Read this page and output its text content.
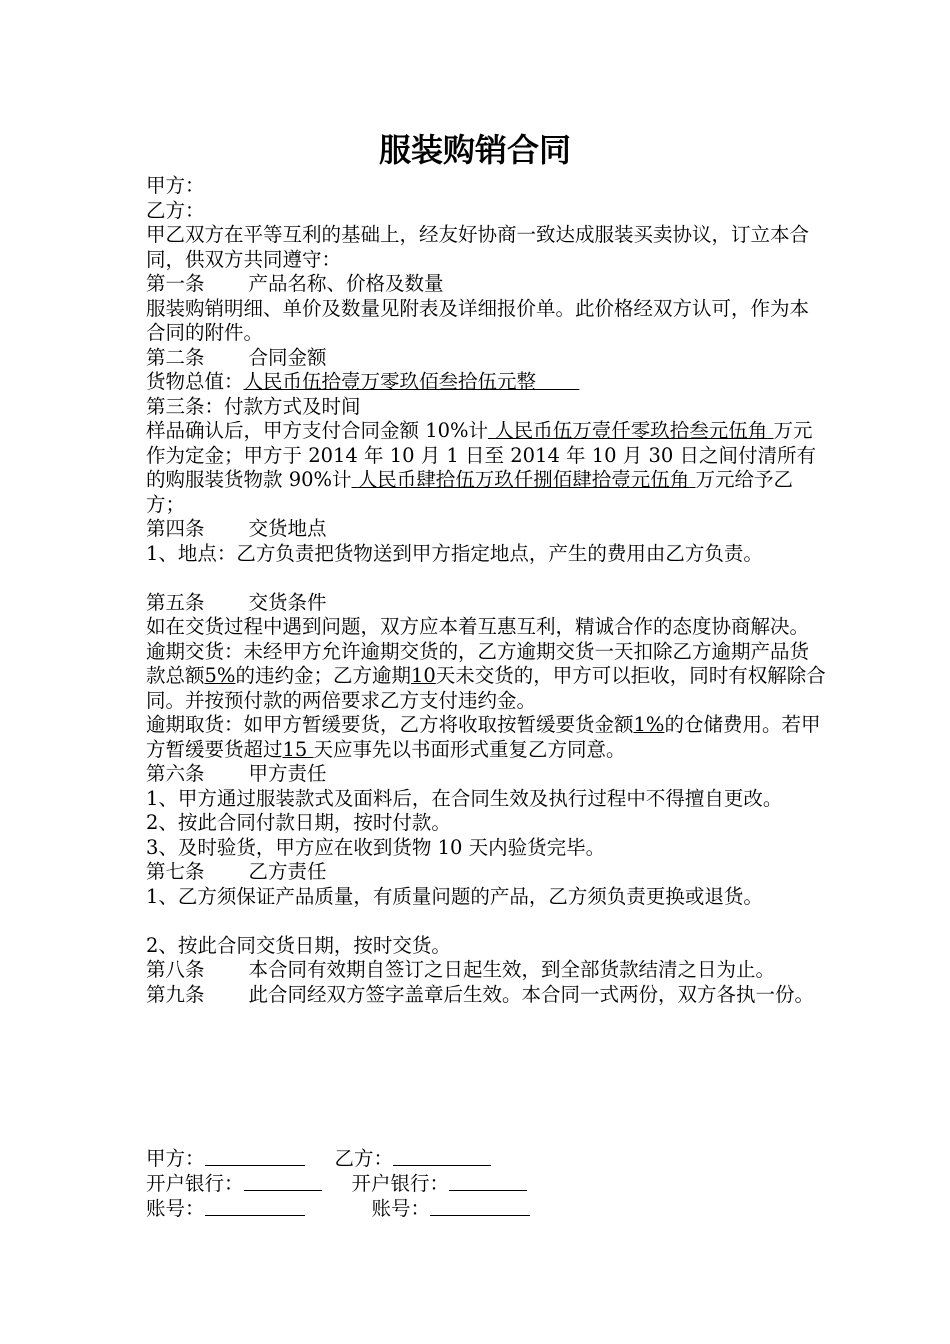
服装购销合同

甲方：

乙方：

甲乙双方在平等互利的基础上，经友好协商一致达成服装买卖协议，订立本合同，供双方共同遵守：

第一条 产品名称、价格及数量

服装购销明细、单价及数量见附表及详细报价单。此价格经双方认可，作为本合同的附件。

第二条 合同金额

货物总值：人民币伍拾壹万零玖佰叁拾伍元整

第三条：付款方式及时间

样品确认后，甲方支付合同金额 10%计 人民币伍万壹仟零玖拾叁元伍角 万元作为定金；甲方于 2014 年 10 月 1 日至 2014 年 10 月 30 日之间付清所有的购服装货物款 90%计 人民币肆拾伍万玖仟捌佰肆拾壹元伍角 万元给予乙方；

第四条 交货地点

1、地点：乙方负责把货物送到甲方指定地点，产生的费用由乙方负责。

第五条 交货条件

如在交货过程中遇到问题，双方应本着互惠互利，精诚合作的态度协商解决。

逾期交货：未经甲方允许逾期交货的，乙方逾期交货一天扣除乙方逾期产品货款总额5%的违约金；乙方逾期10天未交货的，甲方可以拒收，同时有权解除合同。并按预付款的两倍要求乙方支付违约金。

逾期取货：如甲方暂缓要货，乙方将收取按暂缓要货金额1%的仓储费用。若甲方暂缓要货超过15 天应事先以书面形式重复乙方同意。

第六条 甲方责任

1、甲方通过服装款式及面料后，在合同生效及执行过程中不得擅自更改。

2、按此合同付款日期，按时付款。

3、及时验货，甲方应在收到货物 10 天内验货完毕。

第七条 乙方责任

1、乙方须保证产品质量，有质量问题的产品，乙方须负责更换或退货。

2、按此合同交货日期，按时交货。

第八条 本合同有效期自签订之日起生效，到全部货款结清之日为止。

第九条 此合同经双方签字盖章后生效。本合同一式两份，双方各执一份。

甲方：	乙方：
开户银行：	开户银行：
账号：	账号：
